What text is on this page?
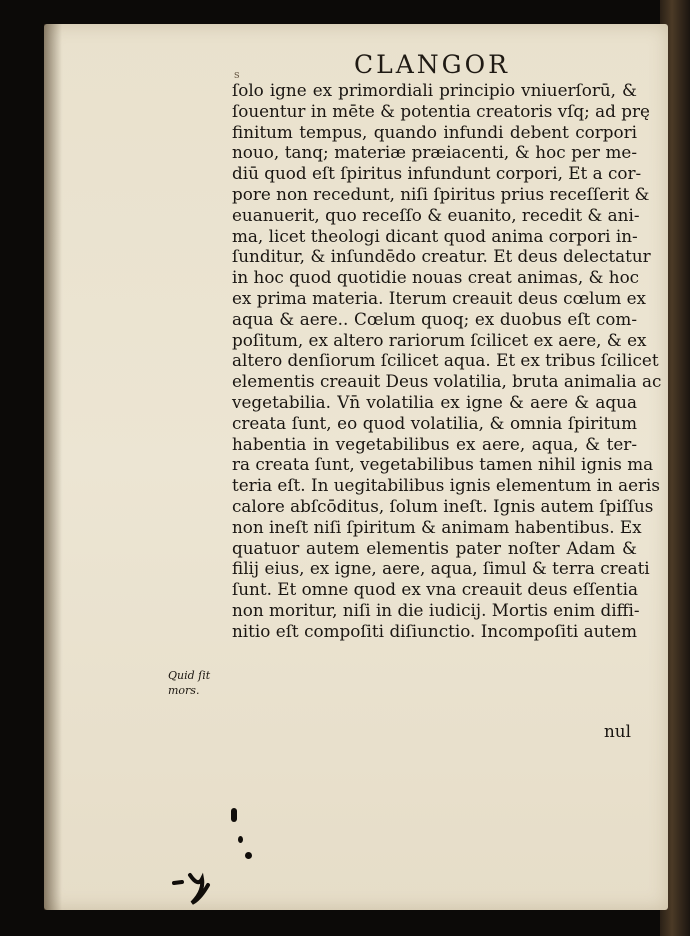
CLANGOR
s
ſolo igne ex primordiali principio vniuerſorū, &
ſouentur in mēte & potentia creatoris vſq; ad prę
finitum tempus, quando infundi debent corpori
nouo, tanq; materiæ præiacenti, & hoc per me-
diū quod eſt ſpiritus infundunt corpori, Et a cor-
pore non recedunt, niſi ſpiritus prius receſſerit &
euanuerit, quo receſſo & euanito, recedit & ani-
ma, licet theologi dicant quod anima corpori in-
ſunditur, & inſundēdo creatur. Et deus delectatur
in hoc quod quotidie nouas creat animas, & hoc
ex prima materia. Iterum creauit deus cœlum ex
aqua & aere.. Cœlum quoq; ex duobus eſt com-
poſitum, ex altero rariorum ſcilicet ex aere, & ex
altero denſiorum ſcilicet aqua. Et ex tribus ſcilicet
elementis creauit Deus volatilia, bruta animalia ac
vegetabilia. Vn̄ volatilia ex igne & aere & aqua
creata ſunt, eo quod volatilia, & omnia ſpiritum
habentia in vegetabilibus ex aere, aqua, & ter-
ra creata ſunt, vegetabilibus tamen nihil ignis ma
teria eſt. In uegitabilibus ignis elementum in aeris
calore abſcōditus, ſolum ineſt. Ignis autem ſpiſſus
non ineſt niſi ſpiritum & animam habentibus. Ex
quatuor autem elementis pater noſter Adam &
filij eius, ex igne, aere, aqua, ſimul & terra creati
ſunt. Et omne quod ex vna creauit deus eſſentia
non moritur, niſi in die iudicij. Mortis enim diffi-
nitio eſt compoſiti diſiunctio. Incompoſiti autem
nul
Quid ſit
mors.
